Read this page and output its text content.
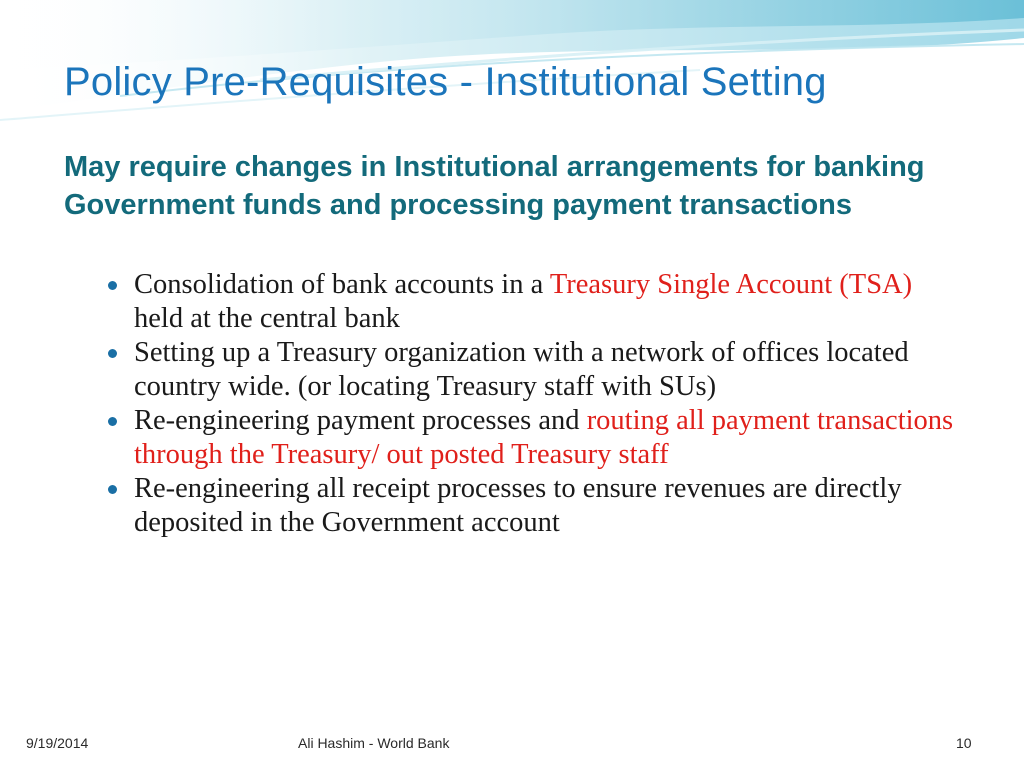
Policy Pre-Requisites - Institutional Setting

May require changes in Institutional arrangements for banking Government funds and processing payment transactions

Consolidation of bank accounts in a Treasury Single Account (TSA) held at the central bank
Setting up a Treasury organization with a network of offices located country wide. (or locating Treasury staff with SUs)
Re-engineering payment processes and routing all payment transactions through the Treasury/ out posted Treasury staff
Re-engineering all receipt processes to ensure revenues are directly deposited in the Government account
9/19/2014	Ali Hashim - World Bank	10
